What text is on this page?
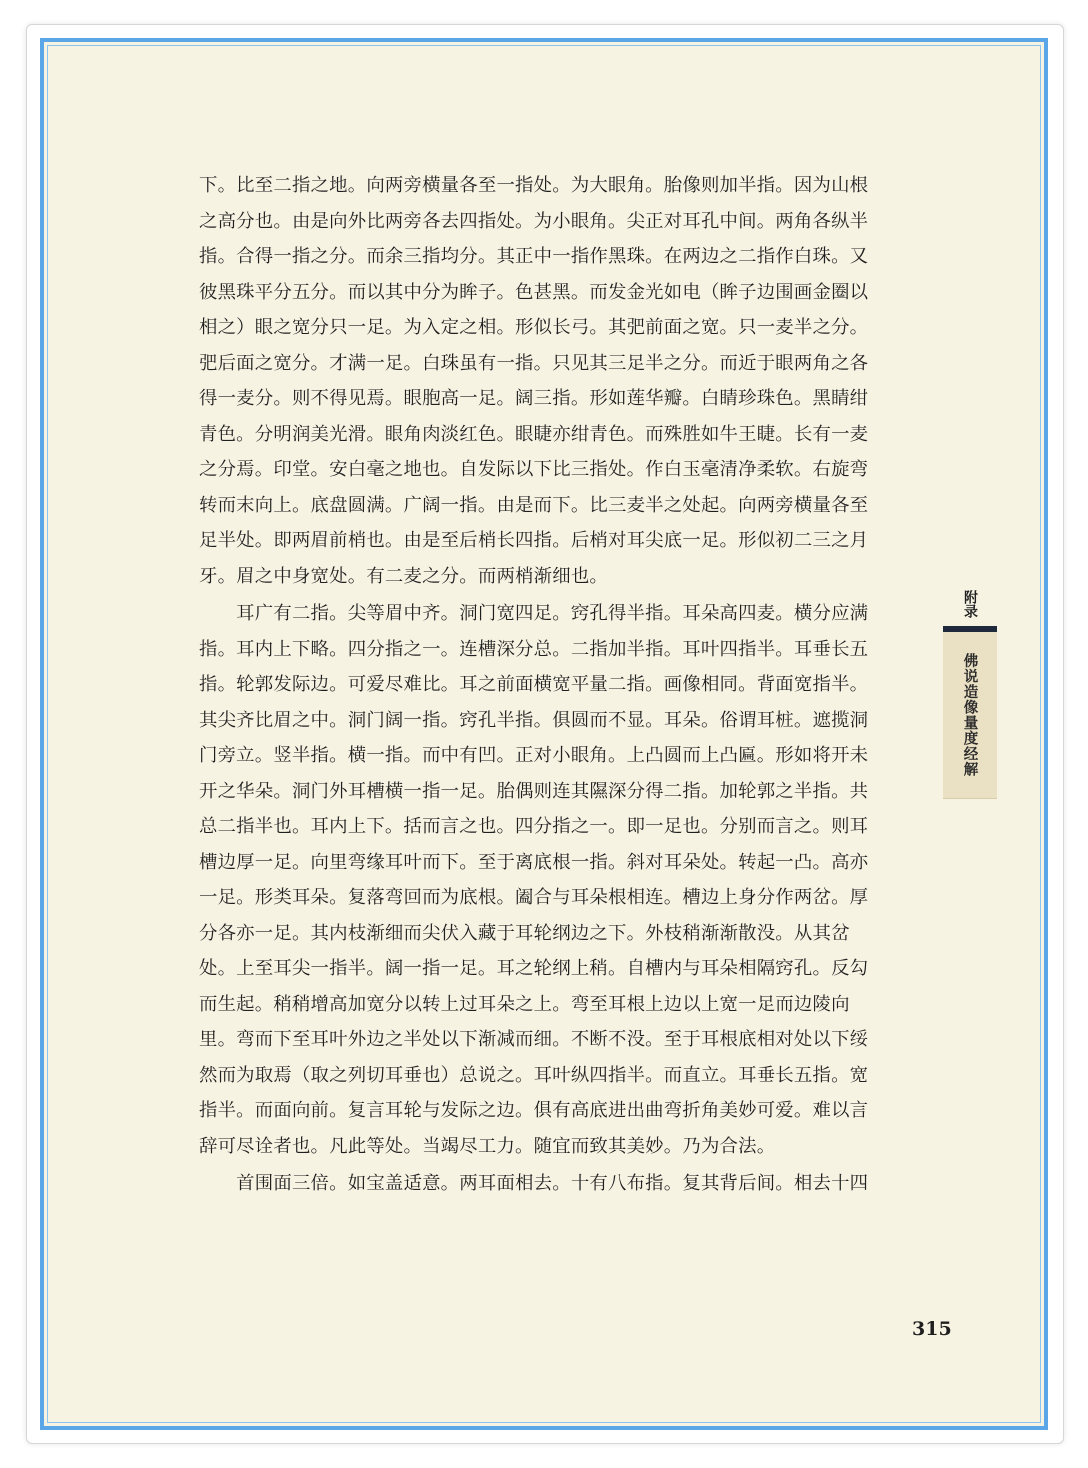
下。比至二指之地。向两旁横量各至一指处。为大眼角。胎像则加半指。因为山根
之高分也。由是向外比两旁各去四指处。为小眼角。尖正对耳孔中间。两角各纵半
指。合得一指之分。而余三指均分。其正中一指作黑珠。在两边之二指作白珠。又
彼黑珠平分五分。而以其中分为眸子。色甚黑。而发金光如电（眸子边围画金圈以
相之）眼之宽分只一足。为入定之相。形似长弓。其弝前面之宽。只一麦半之分。
弝后面之宽分。才满一足。白珠虽有一指。只见其三足半之分。而近于眼两角之各
得一麦分。则不得见焉。眼胞高一足。阔三指。形如莲华瓣。白睛珍珠色。黑睛绀
青色。分明润美光滑。眼角肉淡红色。眼睫亦绀青色。而殊胜如牛王睫。长有一麦
之分焉。印堂。安白毫之地也。自发际以下比三指处。作白玉毫清净柔软。右旋弯
转而末向上。底盘圆满。广阔一指。由是而下。比三麦半之处起。向两旁横量各至
足半处。即两眉前梢也。由是至后梢长四指。后梢对耳尖底一足。形似初二三之月
牙。眉之中身宽处。有二麦之分。而两梢渐细也。
　　耳广有二指。尖等眉中齐。洞门宽四足。窍孔得半指。耳朵高四麦。横分应满
指。耳内上下略。四分指之一。连槽深分总。二指加半指。耳叶四指半。耳垂长五
指。轮郭发际边。可爱尽难比。耳之前面横宽平量二指。画像相同。背面宽指半。
其尖齐比眉之中。洞门阔一指。窍孔半指。俱圆而不显。耳朵。俗谓耳桩。遮揽洞
门旁立。竖半指。横一指。而中有凹。正对小眼角。上凸圆而上凸匾。形如将开未
开之华朵。洞门外耳槽横一指一足。胎偶则连其隰深分得二指。加轮郭之半指。共
总二指半也。耳内上下。括而言之也。四分指之一。即一足也。分别而言之。则耳
槽边厚一足。向里弯缘耳叶而下。至于离底根一指。斜对耳朵处。转起一凸。高亦
一足。形类耳朵。复落弯回而为底根。阖合与耳朵根相连。槽边上身分作两岔。厚
分各亦一足。其内枝渐细而尖伏入藏于耳轮纲边之下。外枝稍渐渐散没。从其岔
处。上至耳尖一指半。阔一指一足。耳之轮纲上稍。自槽内与耳朵相隔窍孔。反勾
而生起。稍稍增高加宽分以转上过耳朵之上。弯至耳根上边以上宽一足而边陵向
里。弯而下至耳叶外边之半处以下渐减而细。不断不没。至于耳根底相对处以下绥
然而为取焉（取之列切耳垂也）总说之。耳叶纵四指半。而直立。耳垂长五指。宽
指半。而面向前。复言耳轮与发际之边。俱有高底进出曲弯折角美妙可爱。难以言
辞可尽诠者也。凡此等处。当竭尽工力。随宜而致其美妙。乃为合法。
　　首围面三倍。如宝盖适意。两耳面相去。十有八布指。复其背后间。相去十四
附录
佛说造像量度经解
315
